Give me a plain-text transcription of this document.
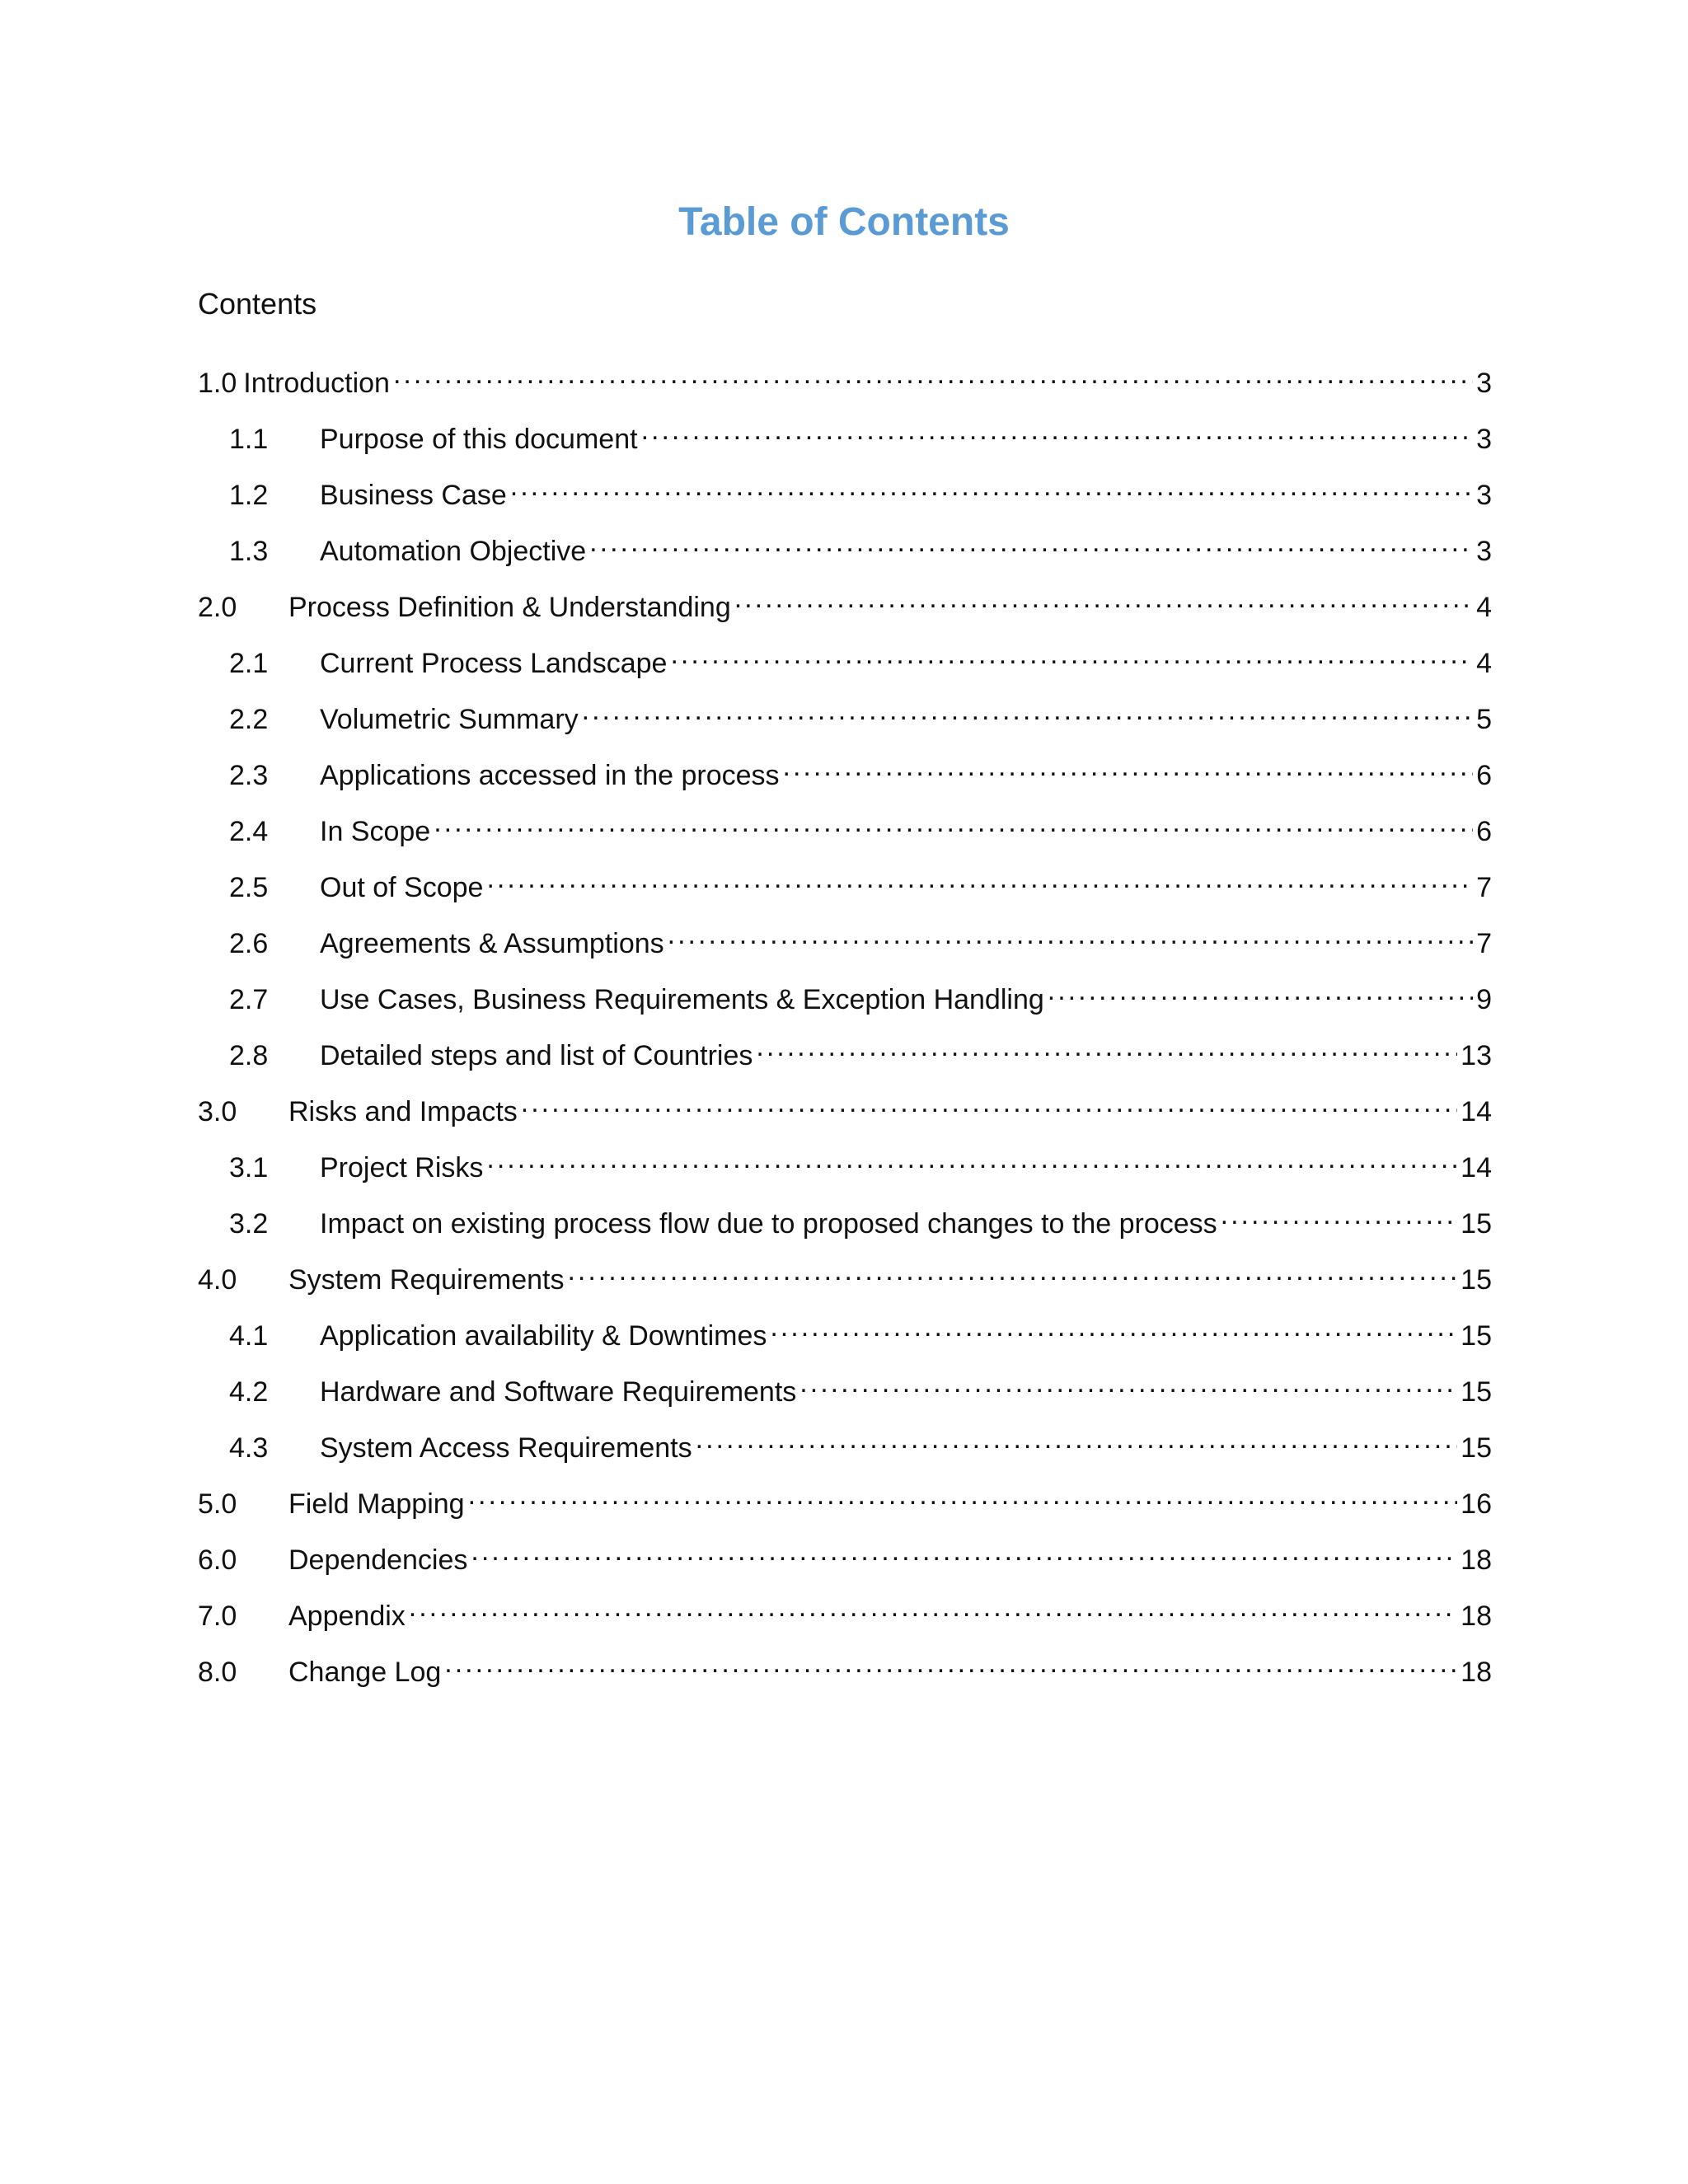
Table of Contents
Contents
1.0 Introduction .....	3
1.1	Purpose of this document .....	3
1.2	Business Case .....	3
1.3	Automation Objective .....	3
2.0	Process Definition & Understanding .....	4
2.1	Current Process Landscape .....	4
2.2	Volumetric Summary .....	5
2.3	Applications accessed in the process .....	6
2.4	In Scope .....	6
2.5	Out of Scope .....	7
2.6	Agreements & Assumptions .....	7
2.7	Use Cases, Business Requirements & Exception Handling .....	9
2.8	Detailed steps and list of Countries .....	13
3.0	Risks and Impacts .....	14
3.1	Project Risks .....	14
3.2	Impact on existing process flow due to proposed changes to the process .....	15
4.0	System Requirements .....	15
4.1	Application availability & Downtimes .....	15
4.2	Hardware and Software Requirements .....	15
4.3	System Access Requirements .....	15
5.0	Field Mapping .....	16
6.0	Dependencies .....	18
7.0	Appendix .....	18
8.0	Change Log .....	18
